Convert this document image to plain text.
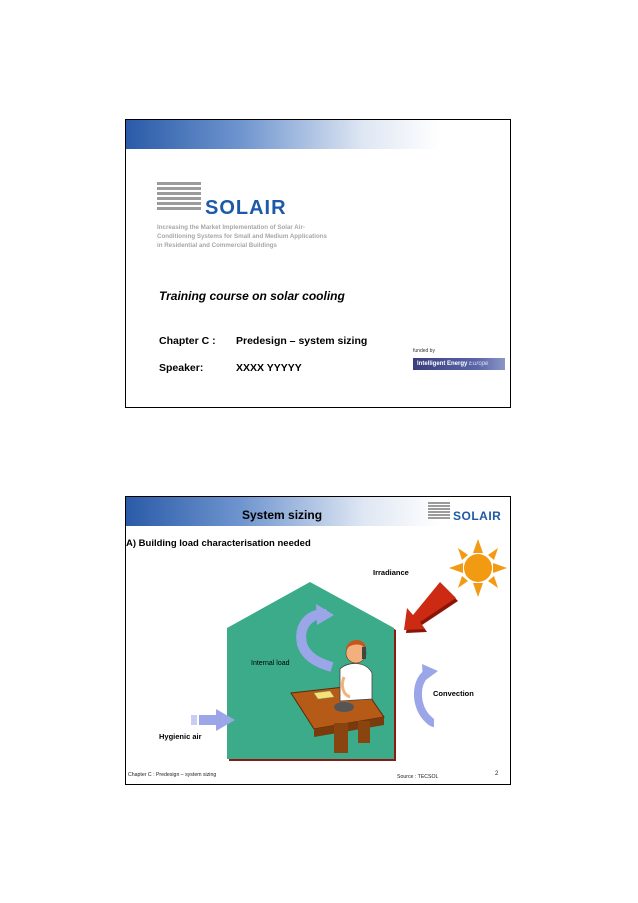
SOLAIR
Increasing the Market Implementation of Solar Air-
Conditioning Systems for Small and Medium Applications
in Residential and Commercial Buildings
Training course on solar cooling
Chapter C : Predesign – system sizing
Speaker:	XXXX YYYYY
funded by
Intelligent Energy Europe
System sizing	SOLAIR
A) Building load characterisation needed
Irradiance
Internal load
Convection
Hygienic air
Chapter C : Predesign – system sizing	Source : TECSOL	2
